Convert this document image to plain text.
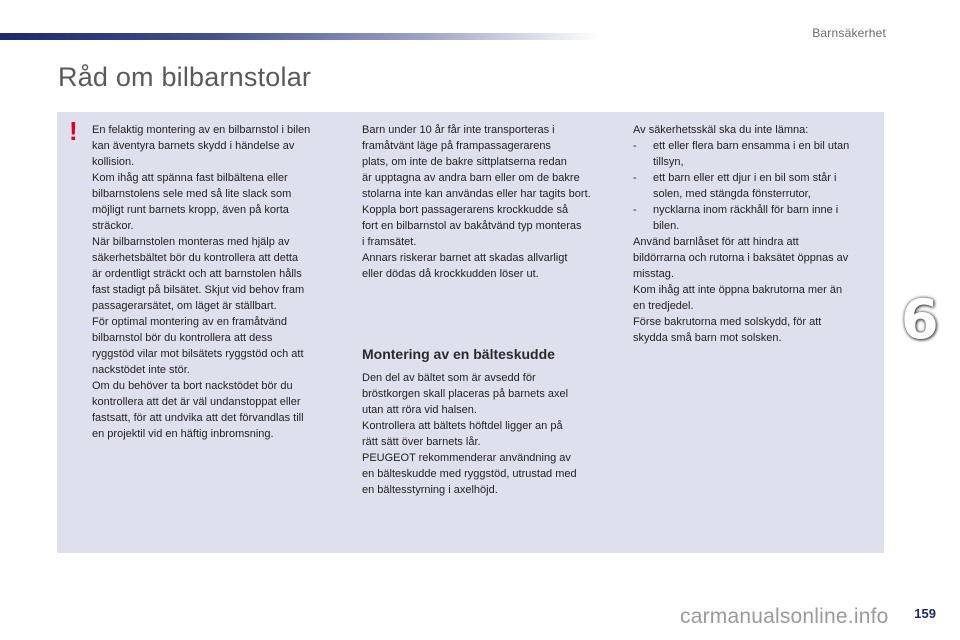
Barnsäkerhet
Råd om bilbarnstolar
! En felaktig montering av en bilbarnstol i bilen

kan äventyra barnets skydd i händelse av

kollision.

Kom ihåg att spänna fast bilbältena eller

bilbarnstolens sele med så lite slack som

möjligt runt barnets kropp, även på korta

sträckor.

När bilbarnstolen monteras med hjälp av

säkerhetsbältet bör du kontrollera att detta

är ordentligt sträckt och att barnstolen hålls

fast stadigt på bilsätet. Skjut vid behov fram

passagerarsätet, om läget är ställbart.

För optimal montering av en framåtvänd

bilbarnstol bör du kontrollera att dess

ryggstöd vilar mot bilsätets ryggstöd och att

nackstödet inte stör.

Om du behöver ta bort nackstödet bör du

kontrollera att det är väl undanstoppat eller

fastsatt, för att undvika att det förvandlas till

en projektil vid en häftig inbromsning.

Barn under 10 år får inte transporteras i

framåtvänt läge på frampassagerarens

plats, om inte de bakre sittplatserna redan

är upptagna av andra barn eller om de bakre

stolarna inte kan användas eller har tagits bort.

Koppla bort passagerarens krockkudde så

fort en bilbarnstol av bakåtvänd typ monteras

i framsätet.

Annars riskerar barnet att skadas allvarligt

eller dödas då krockkudden löser ut.

Montering av en bälteskudde

Den del av bältet som är avsedd för

bröstkorgen skall placeras på barnets axel

utan att röra vid halsen.

Kontrollera att bältets höftdel ligger an på

rätt sätt över barnets lår.

PEUGEOT rekommenderar användning av

en bälteskudde med ryggstöd, utrustad med

en bältesstyrning i axelhöjd.

Av säkerhetsskäl ska du inte lämna:

-	ett eller flera barn ensamma i en bil utan

tillsyn,

-	ett barn eller ett djur i en bil som står i

solen, med stängda fönsterrutor,

-	nycklarna inom räckhåll för barn inne i

bilen.

Använd barnlåset för att hindra att

bildörrarna och rutorna i baksätet öppnas av

misstag.

Kom ihåg att inte öppna bakrutorna mer än

en tredjedel.

Förse bakrutorna med solskydd, för att

skydda små barn mot solsken.	6
carmanualsonline.info 159
